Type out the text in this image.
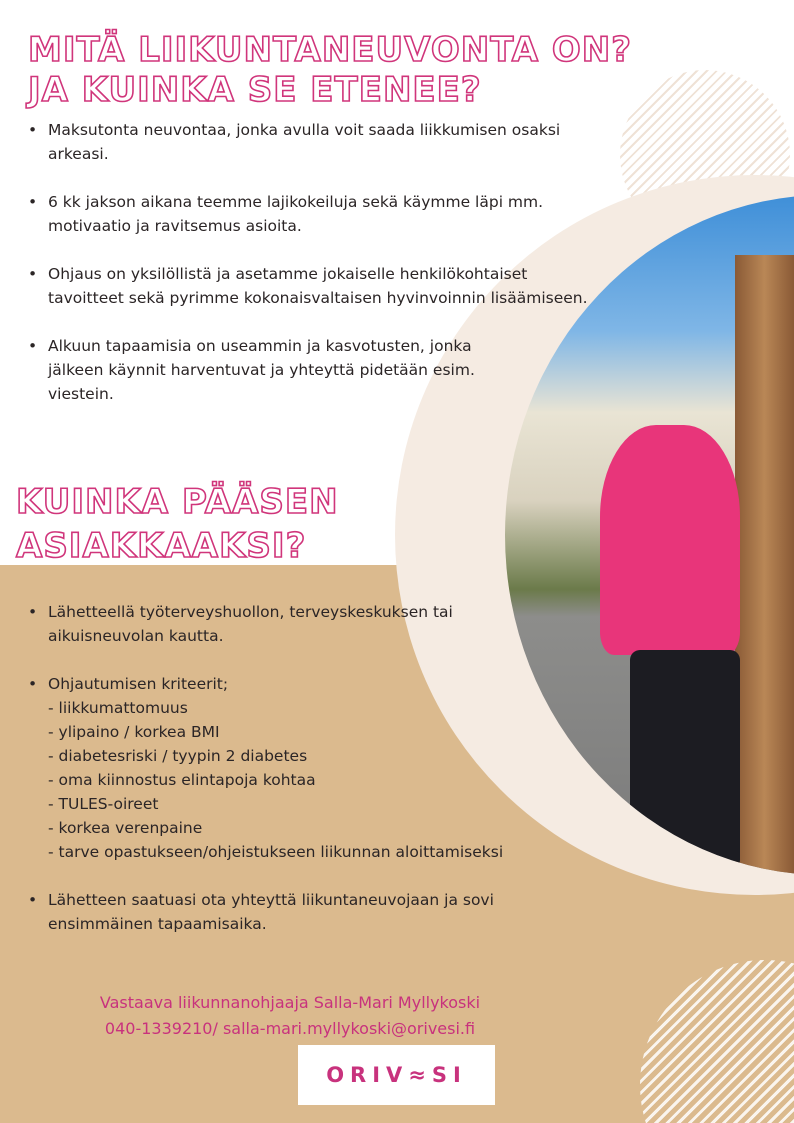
MITÄ LIIKUNTANEUVONTA ON?
JA KUINKA SE ETENEE?
• Maksutonta neuvontaa, jonka avulla voit saada liikkumisen osaksi arkeasi.
• 6 kk jakson aikana teemme lajikokeiluja sekä käymme läpi mm. motivaatio ja ravitsemus asioita.
• Ohjaus on yksilöllistä ja asetamme jokaiselle henkilökohtaiset tavoitteet sekä pyrimme kokonaisvaltaisen hyvinvoinnin lisäämiseen.
• Alkuun tapaamisia on useammin ja kasvotusten, jonka jälkeen käynnit harventuvat ja yhteyttä pidetään esim. viestein.
KUINKA PÄÄSEN
ASIAKKAAKSI?
• Lähetteellä työterveyshuollon, terveyskeskuksen tai aikuisneuvolan kautta.
• Ohjautumisen kriteerit;
- liikkumattomuus
- ylipaino / korkea BMI
- diabetesriski / tyypin 2 diabetes
- oma kiinnostus elintapoja kohtaa
- TULES-oireet
- korkea verenpaine
- tarve opastukseen/ohjeistukseen liikunnan aloittamiseksi
• Lähetteen saatuasi ota yhteyttä liikuntaneuvojaan ja sovi ensimmäinen tapaamisaika.
Vastaava liikunnanohjaaja Salla-Mari Myllykoski
040-1339210/ salla-mari.myllykoski@orivesi.fi
ORIV≈SI
